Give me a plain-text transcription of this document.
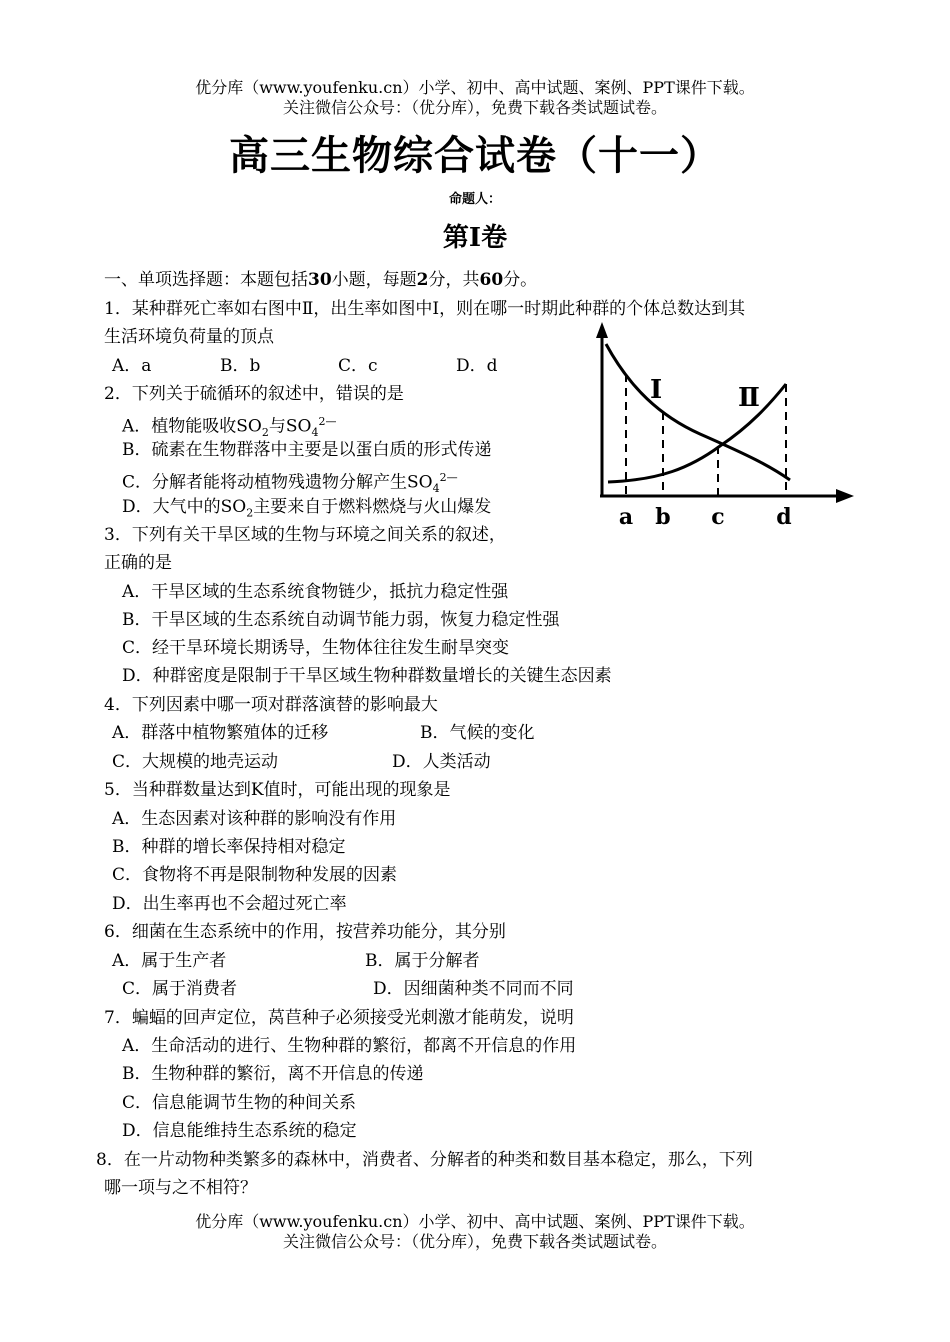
优分库（www.youfenku.cn）小学、初中、高中试题、案例、PPT课件下载。
关注微信公众号：（优分库），免费下载各类试题试卷。
高三生物综合试卷（十一）
命题人：
第Ⅰ卷
一、单项选择题：本题包括30小题，每题2分，共60分。
1．某种群死亡率如右图中Ⅱ，出生率如图中Ⅰ，则在哪一时期此种群的个体总数达到其
生活环境负荷量的顶点
A．a	B．b	C．c	D．d
2．下列关于硫循环的叙述中，错误的是
A．植物能吸收$SO_2$与$SO_4^{2—}$
B．硫素在生物群落中主要是以蛋白质的形式传递
C．分解者能将动植物残遗物分解产生$SO_4^{2—}$
D．大气中的$SO_2$主要来自于燃料燃烧与火山爆发
3．下列有关干旱区域的生物与环境之间关系的叙述，
正确的是
A．干旱区域的生态系统食物链少，抵抗力稳定性强
B．干旱区域的生态系统自动调节能力弱，恢复力稳定性强
C．经干旱环境长期诱导，生物体往往发生耐旱突变
D．种群密度是限制于干旱区域生物种群数量增长的关键生态因素
4．下列因素中哪一项对群落演替的影响最大
A．群落中植物繁殖体的迁移	B．气候的变化
C．大规模的地壳运动	D．人类活动
5．当种群数量达到K值时，可能出现的现象是
A．生态因素对该种群的影响没有作用
B．种群的增长率保持相对稳定
C．食物将不再是限制物种发展的因素
D．出生率再也不会超过死亡率
6．细菌在生态系统中的作用，按营养功能分，其分别
A．属于生产者	B．属于分解者
C．属于消费者	D．因细菌种类不同而不同
7．蝙蝠的回声定位，莴苣种子必须接受光刺激才能萌发，说明
A．生命活动的进行、生物种群的繁衍，都离不开信息的作用
B．生物种群的繁衍，离不开信息的传递
C．信息能调节生物的种间关系
D．信息能维持生态系统的稳定
8．在一片动物种类繁多的森林中，消费者、分解者的种类和数目基本稳定，那么，下列
哪一项与之不相符？
Ⅰ	Ⅱ
a b c d
优分库（www.youfenku.cn）小学、初中、高中试题、案例、PPT课件下载。
关注微信公众号：（优分库），免费下载各类试题试卷。
